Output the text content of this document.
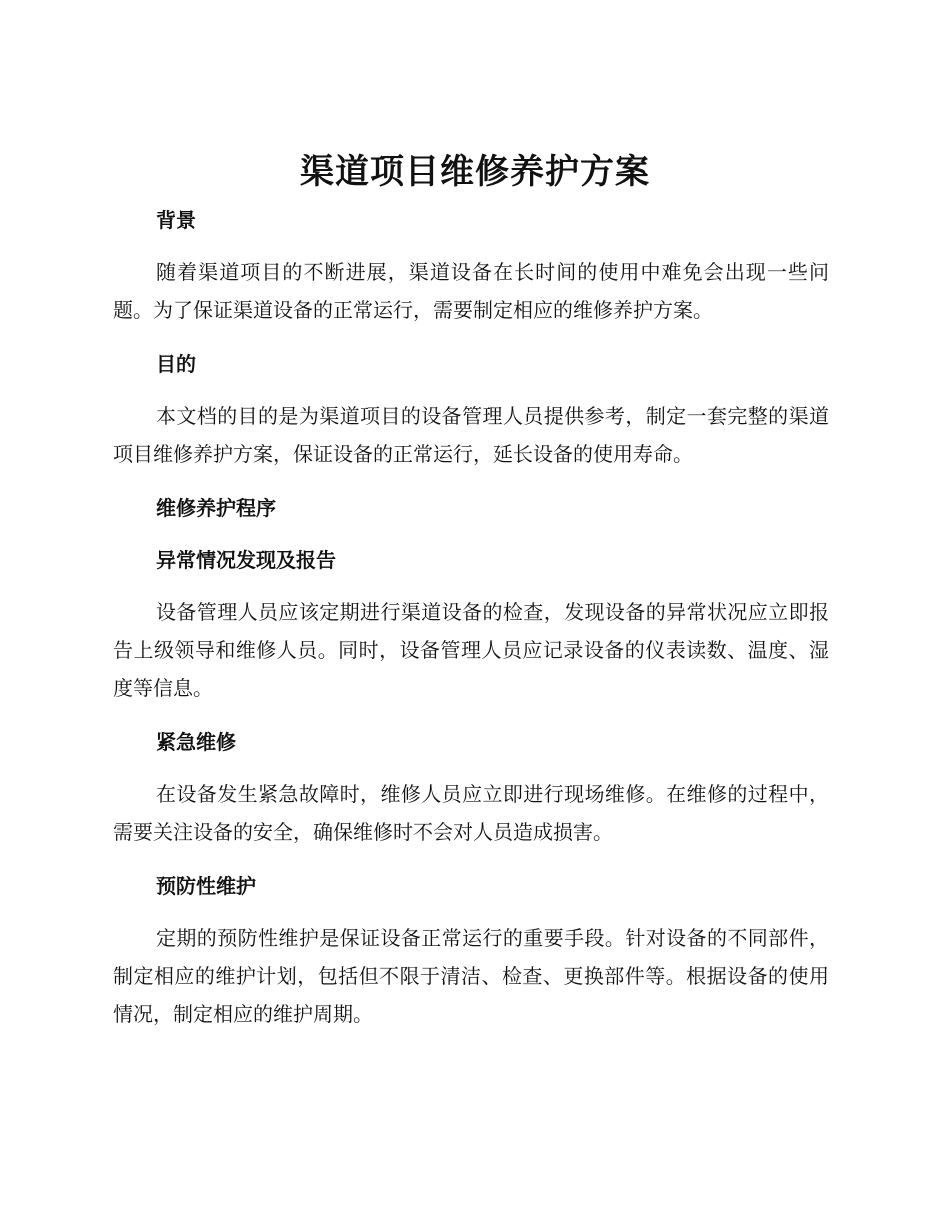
渠道项目维修养护方案

背景

随着渠道项目的不断进展，渠道设备在长时间的使用中难免会出现一些问题。为了保证渠道设备的正常运行，需要制定相应的维修养护方案。

目的

本文档的目的是为渠道项目的设备管理人员提供参考，制定一套完整的渠道项目维修养护方案，保证设备的正常运行，延长设备的使用寿命。

维修养护程序

异常情况发现及报告

设备管理人员应该定期进行渠道设备的检查，发现设备的异常状况应立即报告上级领导和维修人员。同时，设备管理人员应记录设备的仪表读数、温度、湿度等信息。

紧急维修

在设备发生紧急故障时，维修人员应立即进行现场维修。在维修的过程中，需要关注设备的安全，确保维修时不会对人员造成损害。

预防性维护

定期的预防性维护是保证设备正常运行的重要手段。针对设备的不同部件，制定相应的维护计划，包括但不限于清洁、检查、更换部件等。根据设备的使用情况，制定相应的维护周期。
